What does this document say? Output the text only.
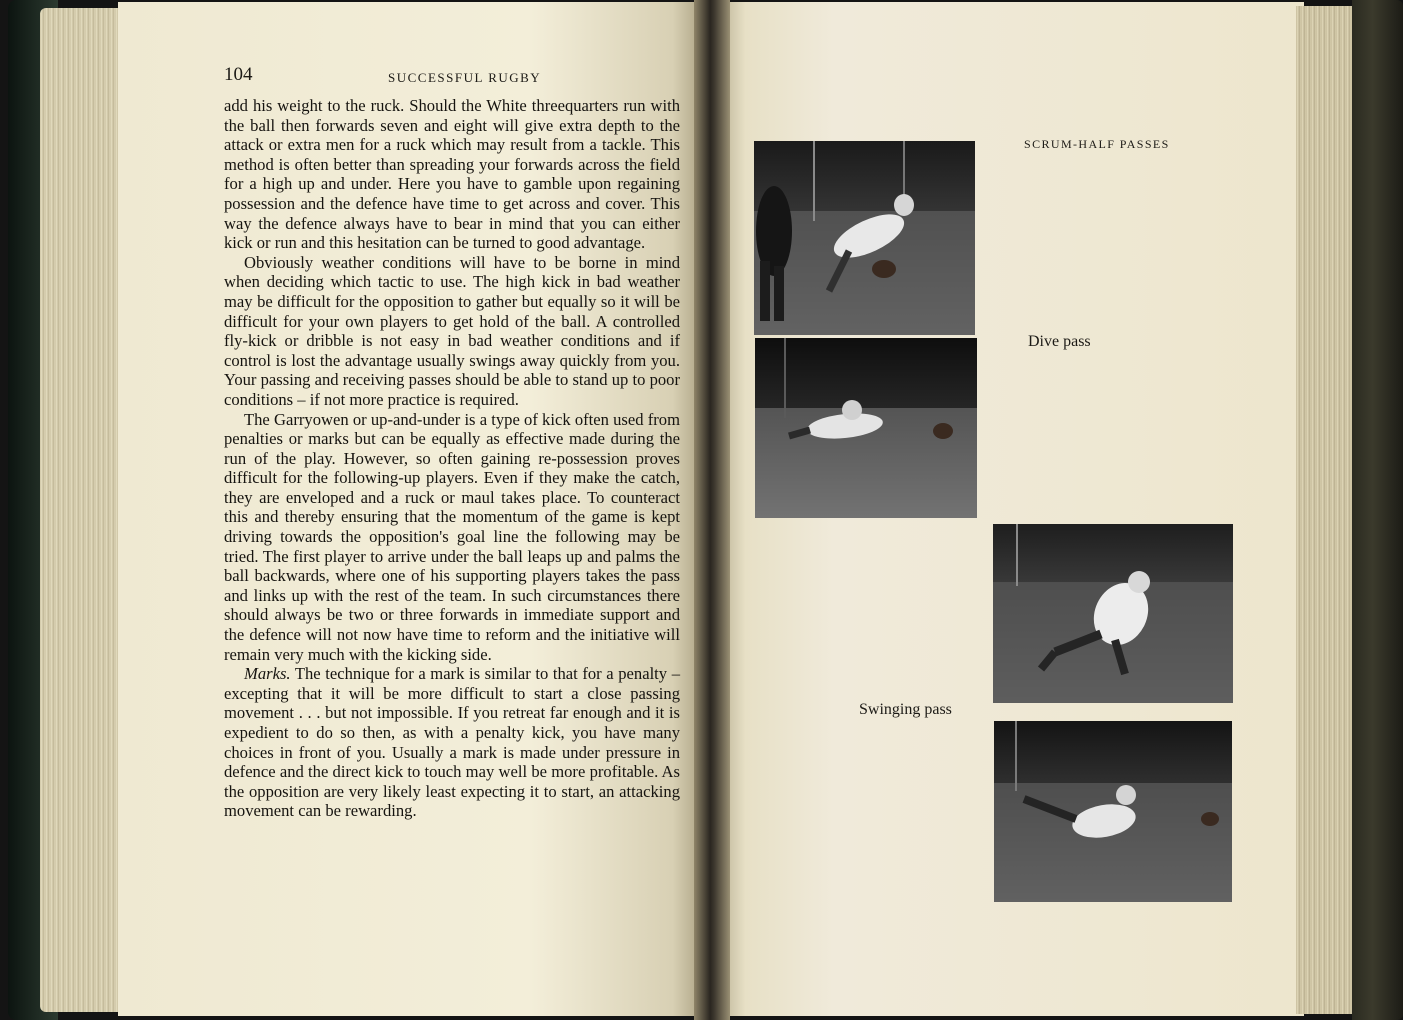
104	SUCCESSFUL RUGBY

add his weight to the ruck. Should the White threequarters run with the ball then forwards seven and eight will give extra depth to the attack or extra men for a ruck which may result from a tackle. This method is often better than spreading your forwards across the field for a high up and under. Here you have to gamble upon regaining possession and the defence have time to get across and cover. This way the defence always have to bear in mind that you can either kick or run and this hesitation can be turned to good advantage.

Obviously weather conditions will have to be borne in mind when deciding which tactic to use. The high kick in bad weather may be difficult for the opposition to gather but equally so it will be difficult for your own players to get hold of the ball. A controlled fly-kick or dribble is not easy in bad weather conditions and if control is lost the advantage usually swings away quickly from you. Your passing and receiving passes should be able to stand up to poor conditions – if not more practice is required.

The Garryowen or up-and-under is a type of kick often used from penalties or marks but can be equally as effective made during the run of the play. However, so often gaining re-possession proves difficult for the following-up players. Even if they make the catch, they are enveloped and a ruck or maul takes place. To counteract this and thereby ensuring that the momentum of the game is kept driving towards the opposition's goal line the following may be tried. The first player to arrive under the ball leaps up and palms the ball backwards, where one of his supporting players takes the pass and links up with the rest of the team. In such circumstances there should always be two or three forwards in immediate support and the defence will not now have time to reform and the initiative will remain very much with the kicking side.

Marks. The technique for a mark is similar to that for a penalty – excepting that it will be more difficult to start a close passing movement . . . but not impossible. If you retreat far enough and it is expedient to do so then, as with a penalty kick, you have many choices in front of you. Usually a mark is made under pressure in defence and the direct kick to touch may well be more profitable. As the opposition are very likely least expecting it to start, an attacking movement can be rewarding.

SCRUM-HALF PASSES
Dive pass
Swinging pass
